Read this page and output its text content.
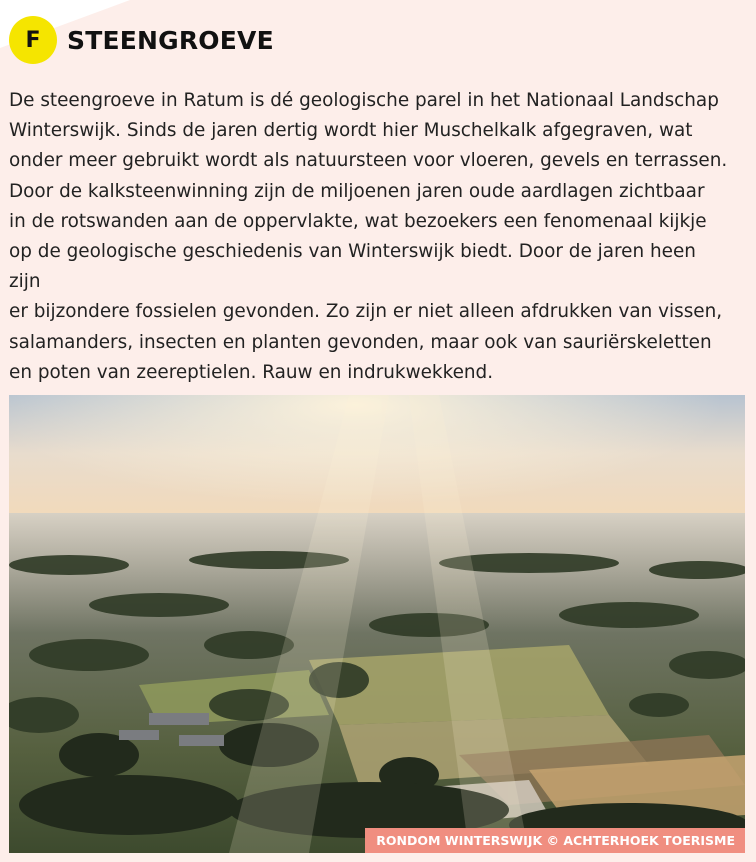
F STEENGROEVE

De steengroeve in Ratum is dé geologische parel in het Nationaal Landschap
Winterswijk. Sinds de jaren dertig wordt hier Muschelkalk afgegraven, wat
onder meer gebruikt wordt als natuursteen voor vloeren, gevels en terrassen.
Door de kalksteenwinning zijn de miljoenen jaren oude aardlagen zichtbaar
in de rotswanden aan de oppervlakte, wat bezoekers een fenomenaal kijkje
op de geologische geschiedenis van Winterswijk biedt. Door de jaren heen zijn
er bijzondere fossielen gevonden. Zo zijn er niet alleen afdrukken van vissen,
salamanders, insecten en planten gevonden, maar ook van sauriërskeletten
en poten van zeereptielen. Rauw en indrukwekkend.

RONDOM WINTERSWIJK © ACHTERHOEK TOERISME
